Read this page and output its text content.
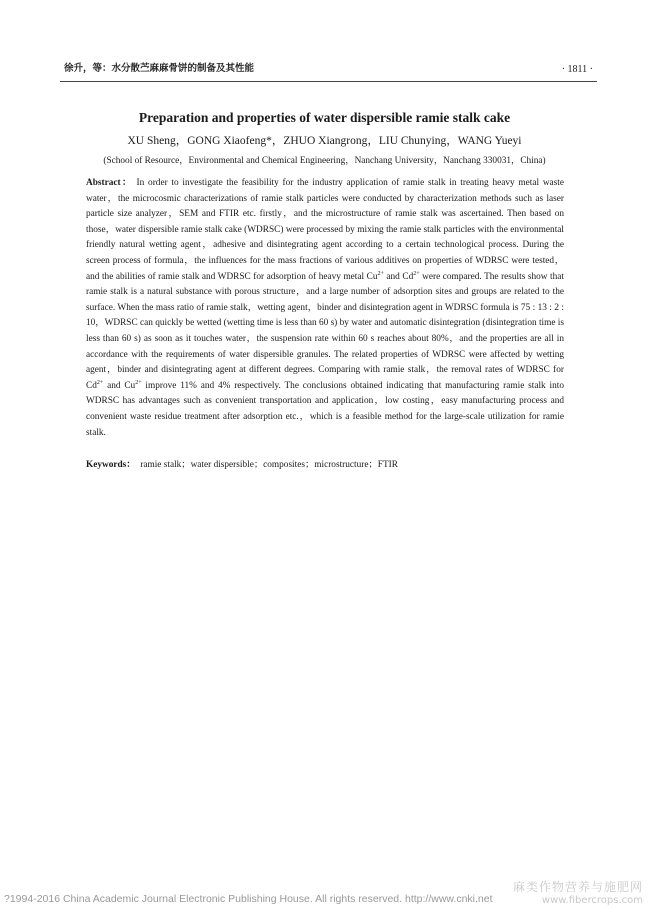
徐升，等：水分散苎麻麻骨饼的制备及其性能	· 1811 ·
Preparation and properties of water dispersible ramie stalk cake
XU Sheng，GONG Xiaofeng*，ZHUO Xiangrong，LIU Chunying，WANG Yueyi
(School of Resource，Environmental and Chemical Engineering，Nanchang University，Nanchang 330031，China)
Abstract： In order to investigate the feasibility for the industry application of ramie stalk in treating heavy metal waste water，the microcosmic characterizations of ramie stalk particles were conducted by characterization methods such as laser particle size analyzer，SEM and FTIR etc. firstly，and the microstructure of ramie stalk was ascertained. Then based on those，water dispersible ramie stalk cake (WDRSC) were processed by mixing the ramie stalk particles with the environmental friendly natural wetting agent，adhesive and disintegrating agent according to a certain technological process. During the screen process of formula，the influences for the mass fractions of various additives on properties of WDRSC were tested，and the abilities of ramie stalk and WDRSC for adsorption of heavy metal $Cu^{2+}$ and $Cd^{2+}$ were compared. The results show that ramie stalk is a natural substance with porous structure，and a large number of adsorption sites and groups are related to the surface. When the mass ratio of ramie stalk，wetting agent，binder and disintegration agent in WDRSC formula is 75 : 13 : 2 : 10，WDRSC can quickly be wetted (wetting time is less than 60 s) by water and automatic disintegration (disintegration time is less than 60 s) as soon as it touches water，the suspension rate within 60 s reaches about 80%，and the properties are all in accordance with the requirements of water dispersible granules. The related properties of WDRSC were affected by wetting agent，binder and disintegrating agent at different degrees. Comparing with ramie stalk，the removal rates of WDRSC for $Cd^{2+}$ and $Cu^{2+}$ improve 11% and 4% respectively. The conclusions obtained indicating that manufacturing ramie stalk into WDRSC has advantages such as convenient transportation and application，low costing，easy manufacturing process and convenient waste residue treatment after adsorption etc.，which is a feasible method for the large-scale utilization for ramie stalk.
Keywords： ramie stalk；water dispersible；composites；microstructure；FTIR
?1994-2016 China Academic Journal Electronic Publishing House. All rights reserved. http://www.cnki.net
麻类作物营养与施肥网
www.fibercrops.com
